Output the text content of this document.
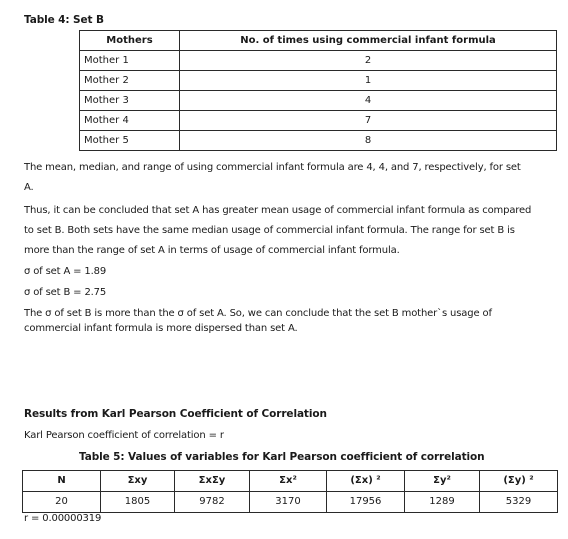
Table 4: Set B
Mothers	No. of times using commercial infant formula
Mother 1	2
Mother 2	1
Mother 3	4
Mother 4	7
Mother 5	8
The mean, median, and range of using commercial infant formula are 4, 4, and 7, respectively, for set
A.
Thus, it can be concluded that set A has greater mean usage of commercial infant formula as compared
to set B. Both sets have the same median usage of commercial infant formula. The range for set B is
more than the range of set A in terms of usage of commercial infant formula.
σ of set A = 1.89
σ of set B = 2.75
The σ of set B is more than the σ of set A. So, we can conclude that the set B mother`s usage of
commercial infant formula is more dispersed than set A.
Results from Karl Pearson Coefficient of Correlation
Karl Pearson coefficient of correlation = r
Table 5: Values of variables for Karl Pearson coefficient of correlation
N	Σxy	ΣxΣy	Σx²	(Σx) ²	Σy²	(Σy) ²
20	1805	9782	3170	17956	1289	5329
r = 0.00000319
